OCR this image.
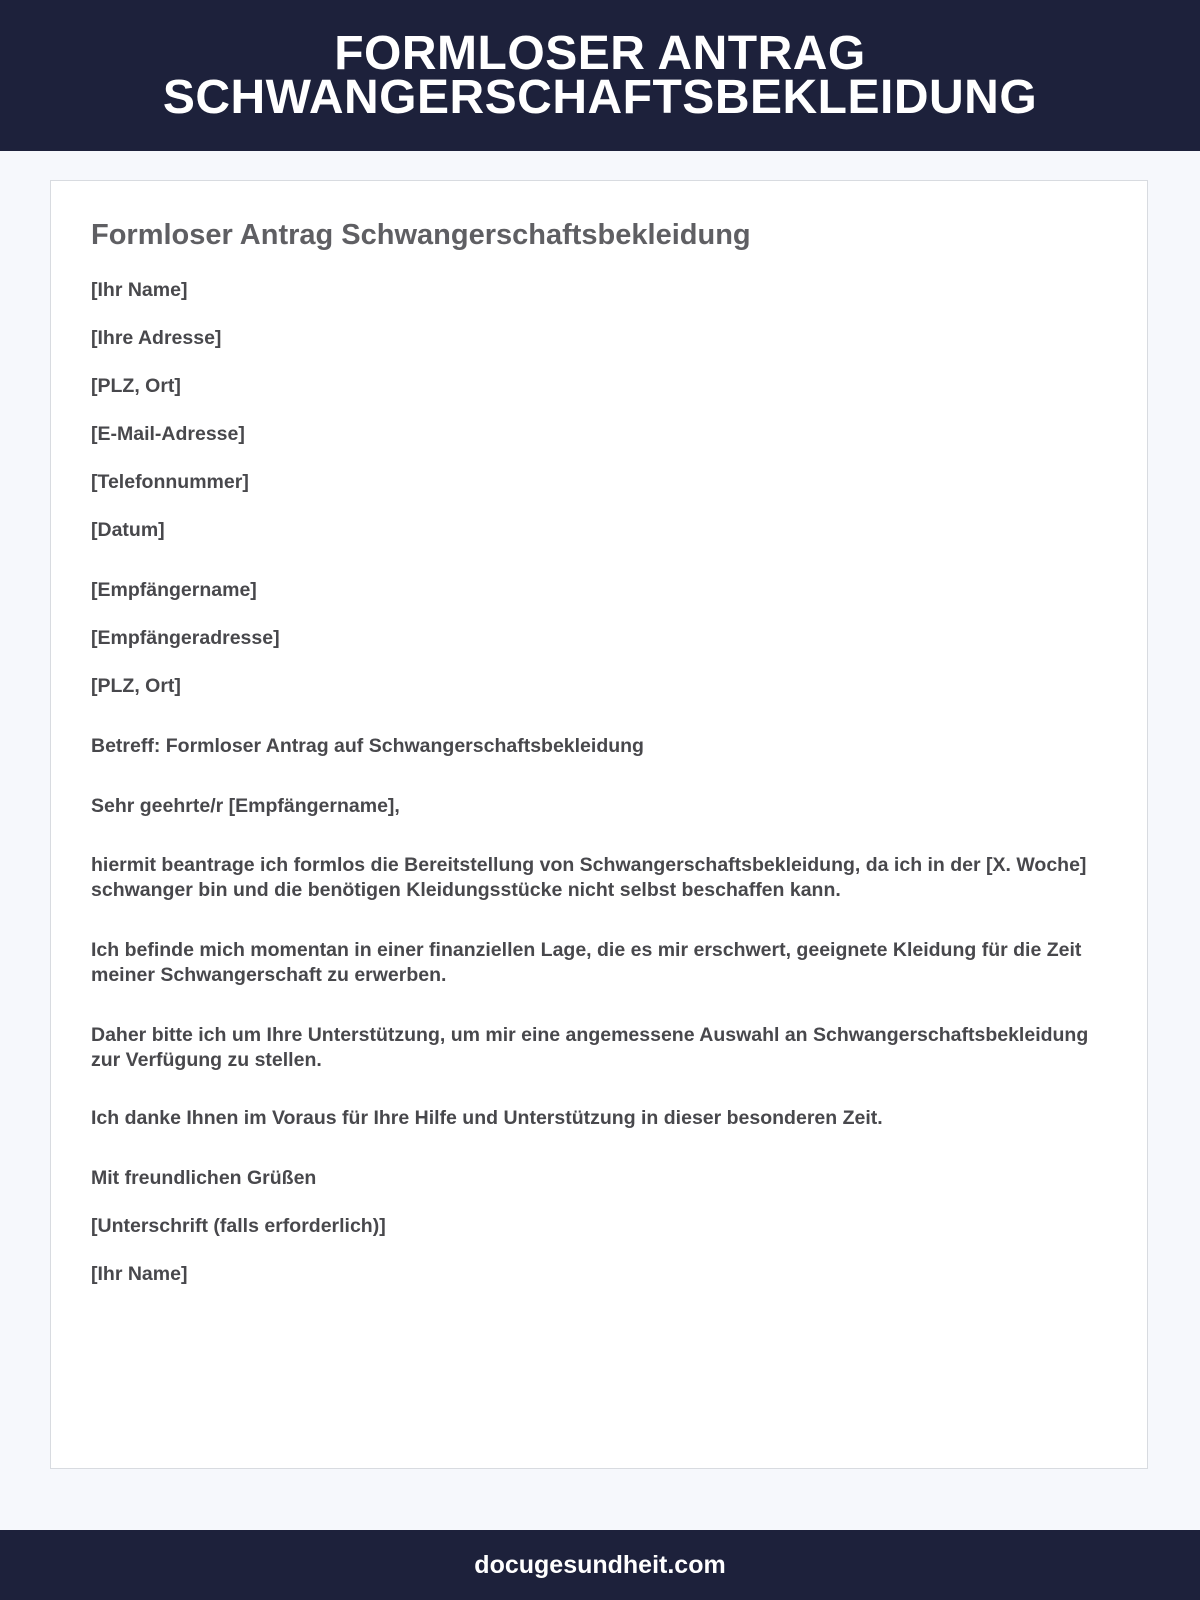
FORMLOSER ANTRAG
SCHWANGERSCHAFTSBEKLEIDUNG
Formloser Antrag Schwangerschaftsbekleidung

[Ihr Name]

[Ihre Adresse]

[PLZ, Ort]

[E-Mail-Adresse]

[Telefonnummer]

[Datum]

[Empfängername]

[Empfängeradresse]

[PLZ, Ort]

Betreff: Formloser Antrag auf Schwangerschaftsbekleidung

Sehr geehrte/r [Empfängername],

hiermit beantrage ich formlos die Bereitstellung von Schwangerschaftsbekleidung, da ich in der [X. Woche] schwanger bin und die benötigen Kleidungsstücke nicht selbst beschaffen kann.

Ich befinde mich momentan in einer finanziellen Lage, die es mir erschwert, geeignete Kleidung für die Zeit meiner Schwangerschaft zu erwerben.

Daher bitte ich um Ihre Unterstützung, um mir eine angemessene Auswahl an Schwangerschaftsbekleidung zur Verfügung zu stellen.

Ich danke Ihnen im Voraus für Ihre Hilfe und Unterstützung in dieser besonderen Zeit.

Mit freundlichen Grüßen

[Unterschrift (falls erforderlich)]

[Ihr Name]

docugesundheit.com
